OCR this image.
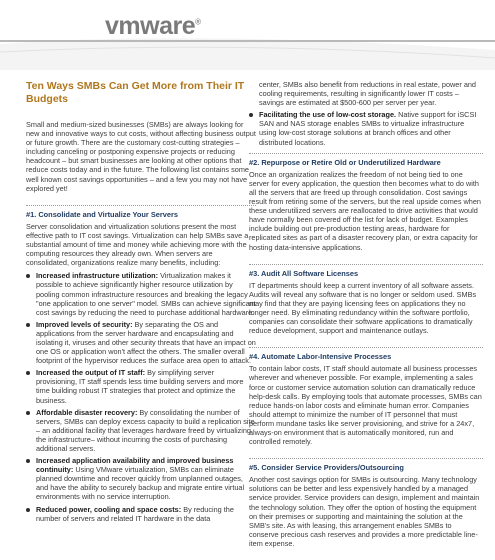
vmware®
Ten Ways SMBs Can Get More from Their IT Budgets
Small and medium-sized businesses (SMBs) are always looking for new and innovative ways to cut costs, without affecting business output or future growth. There are the customary cost-cutting strategies – including canceling or postponing expensive projects or reducing headcount – but smart businesses are looking at other options that reduce costs today and in the future. The following list contains some well known cost savings opportunities – and a few you may not have explored yet!
#1. Consolidate and Virtualize Your Servers
Server consolidation and virtualization solutions present the most effective path to IT cost savings. Virtualization can help SMBs save a substantial amount of time and money while achieving more with the computing resources they already own. When servers are consolidated, organizations realize many benefits, including:
Increased infrastructure utilization: Virtualization makes it possible to achieve significantly higher resource utilization by pooling common infrastructure resources and breaking the legacy "one application to one server" model. SMBs can achieve significant cost savings by reducing the need to purchase additional hardware.
Improved levels of security: By separating the OS and applications from the server hardware and encapsulating and isolating it, viruses and other security threats that have an impact on one OS or application won't affect the others. The smaller overall footprint of the hypervisor reduces the surface area open to attack.
Increased the output of IT staff: By simplifying server provisioning, IT staff spends less time building servers and more time building robust IT strategies that protect and optimize the business.
Affordable disaster recovery: By consolidating the number of servers, SMBs can deploy excess capacity to build a replication site – an additional facility that leverages hardware freed by virtualizing the infrastructure– without incurring the costs of purchasing additional servers.
Increased application availability and improved business continuity: Using VMware virtualization, SMBs can eliminate planned downtime and recover quickly from unplanned outages, and have the ability to securely backup and migrate entire virtual environments with no service interruption.
Reduced power, cooling and space costs: By reducing the number of servers and related IT hardware in the data
center, SMBs also benefit from reductions in real estate, power and cooling requirements, resulting in significantly lower IT costs – savings are estimated at $500-600 per server per year.
Facilitating the use of low-cost storage. Native support for iSCSI SAN and NAS storage enables SMBs to virtualize infrastructure using low-cost storage solutions at branch offices and other distributed locations.
#2. Repurpose or Retire Old or Underutilized Hardware
Once an organization realizes the freedom of not being tied to one server for every application, the question then becomes what to do with all the servers that are freed up through consolidation. Cost savings result from retiring some of the servers, but the real upside comes when these underutilized servers are reallocated to drive activities that would have normally been covered off the list for lack of budget. Examples include building out pre-production testing areas, hardware for replicated sites as part of a disaster recovery plan, or extra capacity for hosting data-intensive applications.
#3. Audit All Software Licenses
IT departments should keep a current inventory of all software assets. Audits will reveal any software that is no longer or seldom used. SMBs may find that they are paying licensing fees on applications they no longer need. By eliminating redundancy within the software portfolio, companies can consolidate their software applications to dramatically reduce development, support and maintenance outlays.
#4. Automate Labor-Intensive Processes
To contain labor costs, IT staff should automate all business processes wherever and whenever possible. For example, implementing a sales force or customer service automation solution can dramatically reduce help-desk calls. By employing tools that automate processes, SMBs can reduce hands-on labor costs and eliminate human error. Companies should attempt to minimize the number of IT personnel that must perform mundane tasks like server provisioning, and strive for a 24x7, always-on environment that is automatically monitored, run and controlled remotely.
#5. Consider Service Providers/Outsourcing
Another cost savings option for SMBs is outsourcing. Many technology solutions can be better and less expensively handled by a managed service provider. Service providers can design, implement and maintain the technology solution. They offer the option of hosting the equipment on their premises or supporting and maintaining the solution at the SMB's site. As with leasing, this arrangement enables SMBs to conserve precious cash reserves and provides a more predictable line-item expense.
